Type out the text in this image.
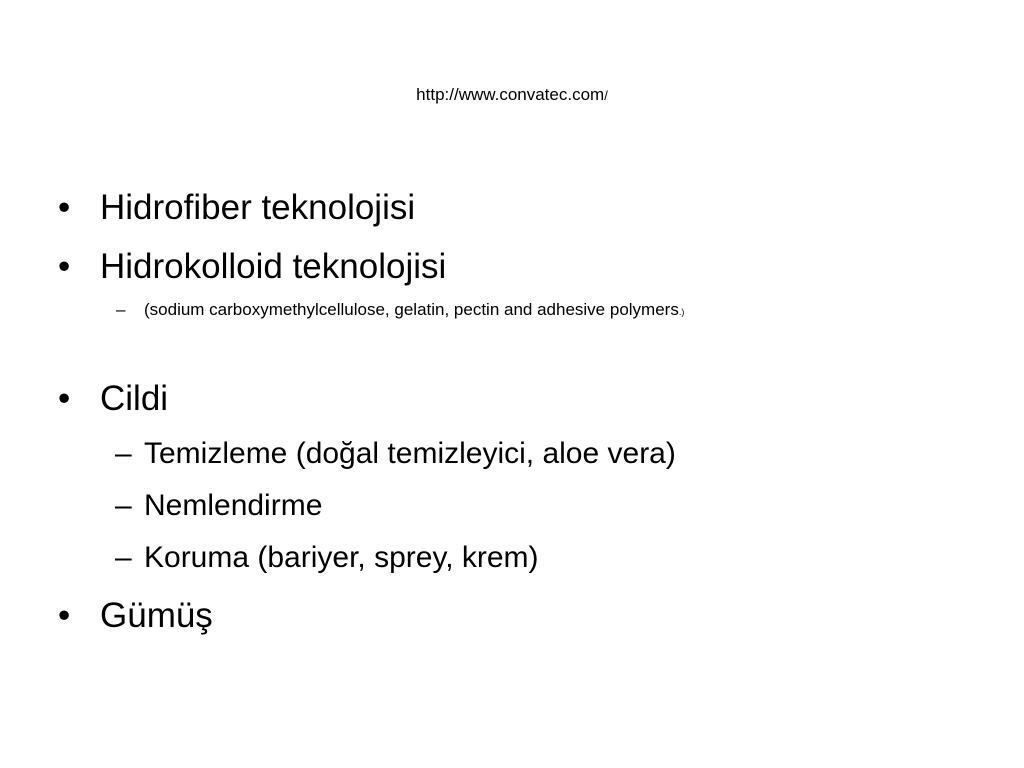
http://www.convatec.com/
• Hidrofiber teknolojisi
• Hidrokolloid teknolojisi
– (sodium carboxymethylcellulose, gelatin, pectin and adhesive polymers.)
• Cildi
– Temizleme (doğal temizleyici, aloe vera)
– Nemlendirme
– Koruma (bariyer, sprey, krem)
• Gümüş
